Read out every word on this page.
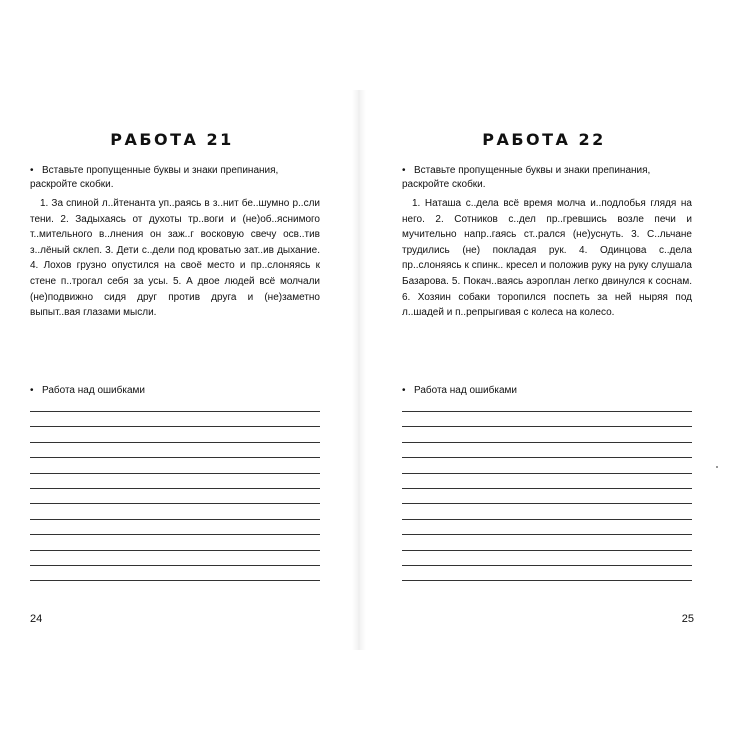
РАБОТА 21
• Вставьте пропущенные буквы и знаки препинания, раскройте скобки.

1. За спиной л..йтенанта уп..раясь в з..нит бе..шумно р..сли тени. 2. Задыхаясь от духоты тр..воги и (не)об..яснимого т..мительного в..лнения он заж..г восковую свечу осв..тив з..лёный склеп. 3. Дети с..дели под кроватью зат..ив дыхание. 4. Лохов грузно опустился на своё место и пр..слоняясь к стене п..трогал себя за усы. 5. А двое людей всё молчали (не)подвижно сидя друг против друга и (не)заметно выпыт..вая глазами мысли.

• Работа над ошибками
24
РАБОТА 22
• Вставьте пропущенные буквы и знаки препинания, раскройте скобки.

1. Наташа с..дела всё время молча и..подлобья глядя на него. 2. Сотников с..дел пр..гревшись возле печи и мучительно напр..гаясь ст..рался (не)уснуть. 3. С..льчане трудились (не) покладая рук. 4. Одинцова с..дела пр..слоняясь к спинк.. кресел и положив руку на руку слушала Базарова. 5. Покач..ваясь аэроплан легко двинулся к соснам. 6. Хозяин собаки торопился поспеть за ней ныряя под л..шадей и п..репрыгивая с колеса на колесо.

• Работа над ошибками
25
